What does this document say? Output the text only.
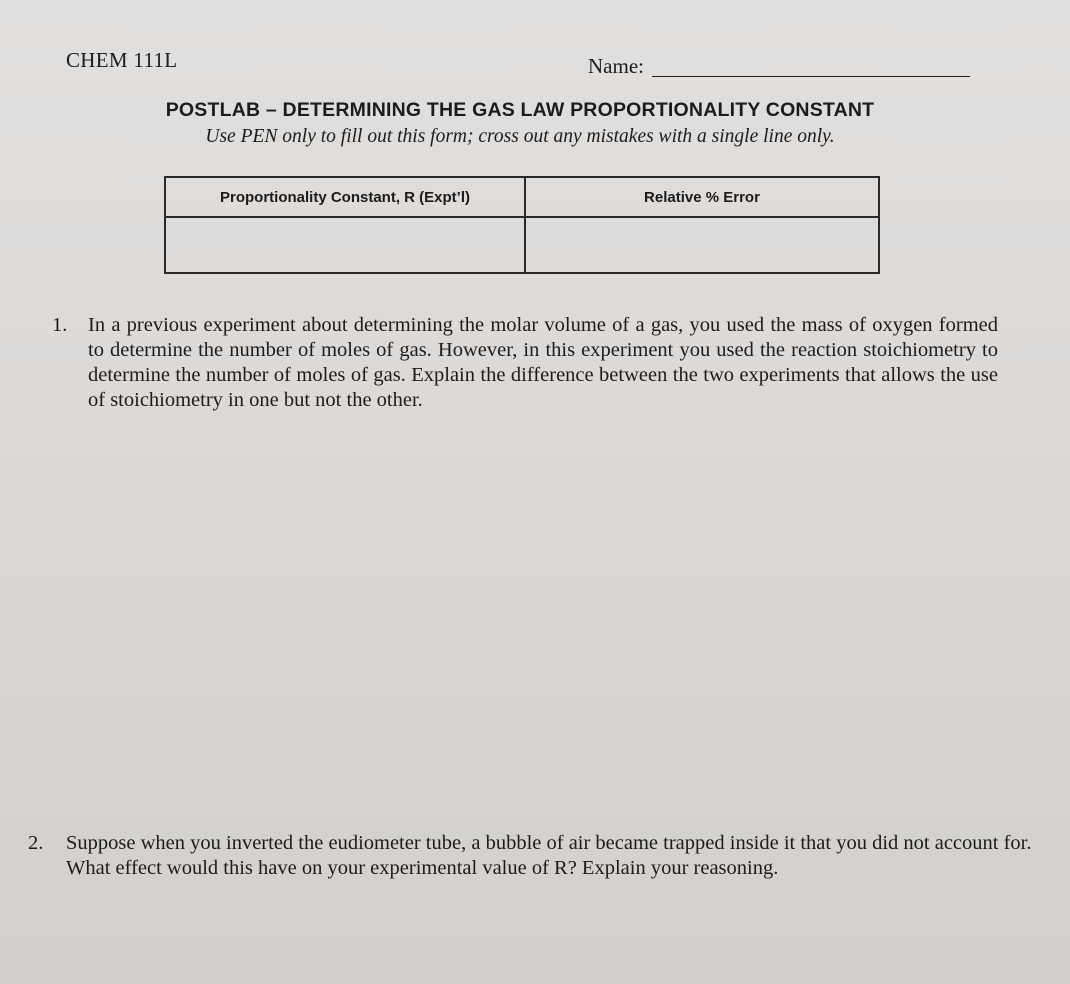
CHEM 111L	Name:
POSTLAB – DETERMINING THE GAS LAW PROPORTIONALITY CONSTANT
Use PEN only to fill out this form; cross out any mistakes with a single line only.
Proportionality Constant, R (Expt’l)	Relative % Error

1. In a previous experiment about determining the molar volume of a gas, you used the mass of oxygen formed to determine the number of moles of gas. However, in this experiment you used the reaction stoichiometry to determine the number of moles of gas. Explain the difference between the two experiments that allows the use of stoichiometry in one but not the other.
2. Suppose when you inverted the eudiometer tube, a bubble of air became trapped inside it that you did not account for. What effect would this have on your experimental value of R? Explain your reasoning.
